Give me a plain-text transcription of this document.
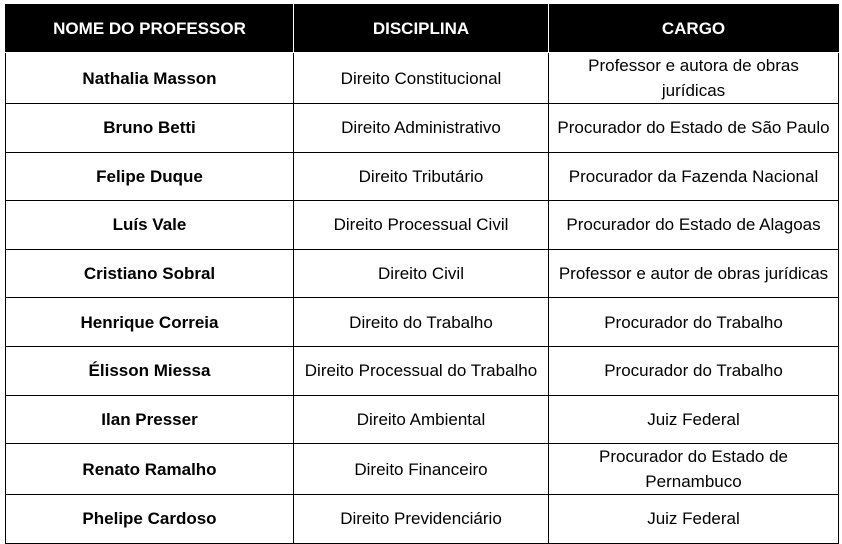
NOME DO PROFESSOR	DISCIPLINA	CARGO
Nathalia Masson	Direito Constitucional	Professor e autora de obras jurídicas
Bruno Betti	Direito Administrativo	Procurador do Estado de São Paulo
Felipe Duque	Direito Tributário	Procurador da Fazenda Nacional
Luís Vale	Direito Processual Civil	Procurador do Estado de Alagoas
Cristiano Sobral	Direito Civil	Professor e autor de obras jurídicas
Henrique Correia	Direito do Trabalho	Procurador do Trabalho
Élisson Miessa	Direito Processual do Trabalho	Procurador do Trabalho
Ilan Presser	Direito Ambiental	Juiz Federal
Renato Ramalho	Direito Financeiro	Procurador do Estado de Pernambuco
Phelipe Cardoso	Direito Previdenciário	Juiz Federal
